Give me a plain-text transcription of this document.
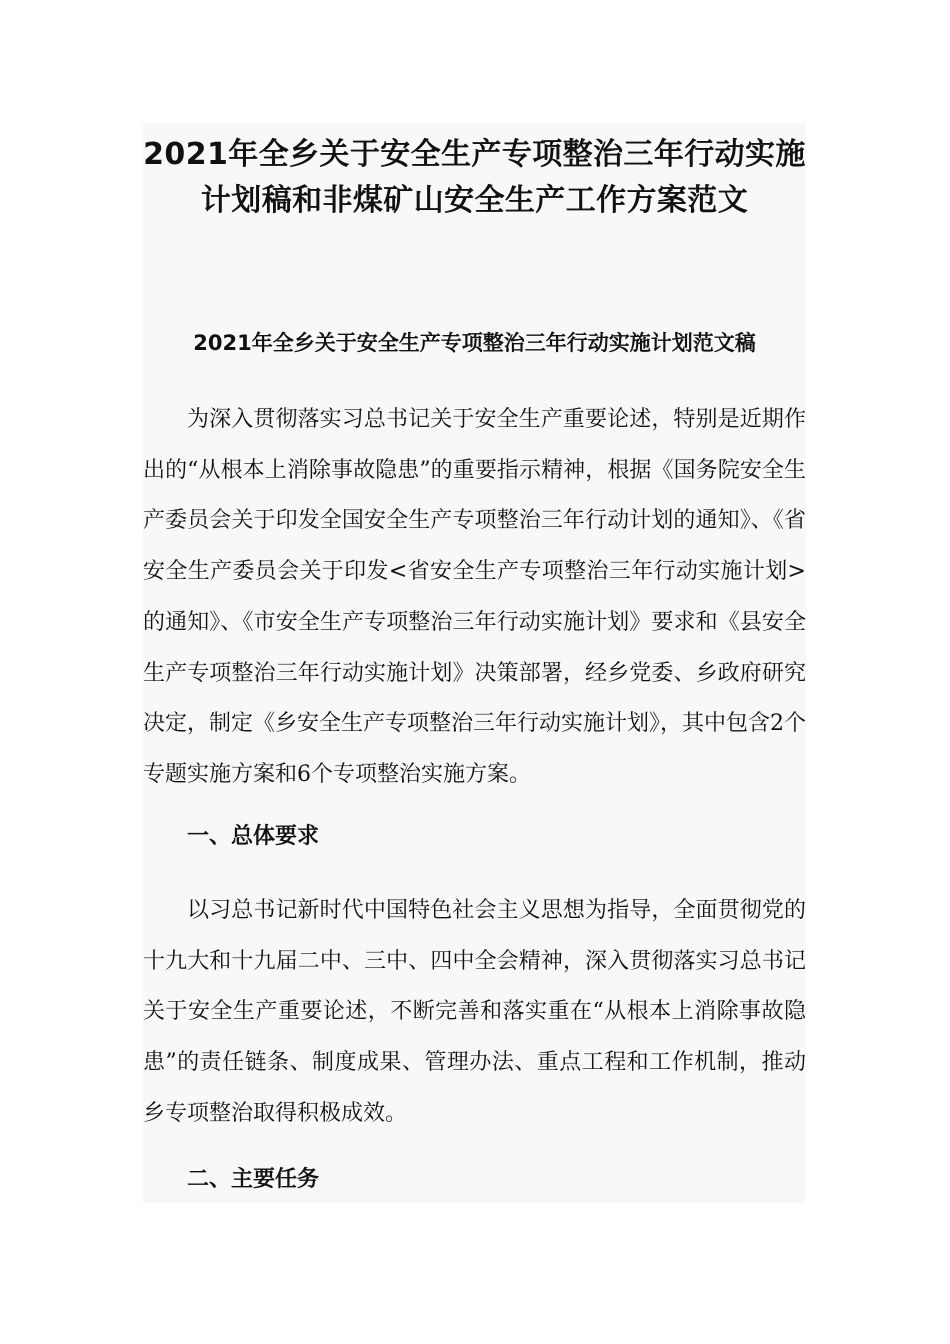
2021年全乡关于安全生产专项整治三年行动实施计划稿和非煤矿山安全生产工作方案范文
2021年全乡关于安全生产专项整治三年行动实施计划范文稿

为深入贯彻落实习总书记关于安全生产重要论述，特别是近期作出的“从根本上消除事故隐患”的重要指示精神，根据《国务院安全生产委员会关于印发全国安全生产专项整治三年行动计划的通知》、《省安全生产委员会关于印发<省安全生产专项整治三年行动实施计划>的通知》、《市安全生产专项整治三年行动实施计划》要求和《县安全生产专项整治三年行动实施计划》决策部署，经乡党委、乡政府研究决定，制定《乡安全生产专项整治三年行动实施计划》，其中包含2个专题实施方案和6个专项整治实施方案。

一、总体要求

以习总书记新时代中国特色社会主义思想为指导，全面贯彻党的十九大和十九届二中、三中、四中全会精神，深入贯彻落实习总书记关于安全生产重要论述，不断完善和落实重在“从根本上消除事故隐患”的责任链条、制度成果、管理办法、重点工程和工作机制，推动乡专项整治取得积极成效。

二、主要任务
